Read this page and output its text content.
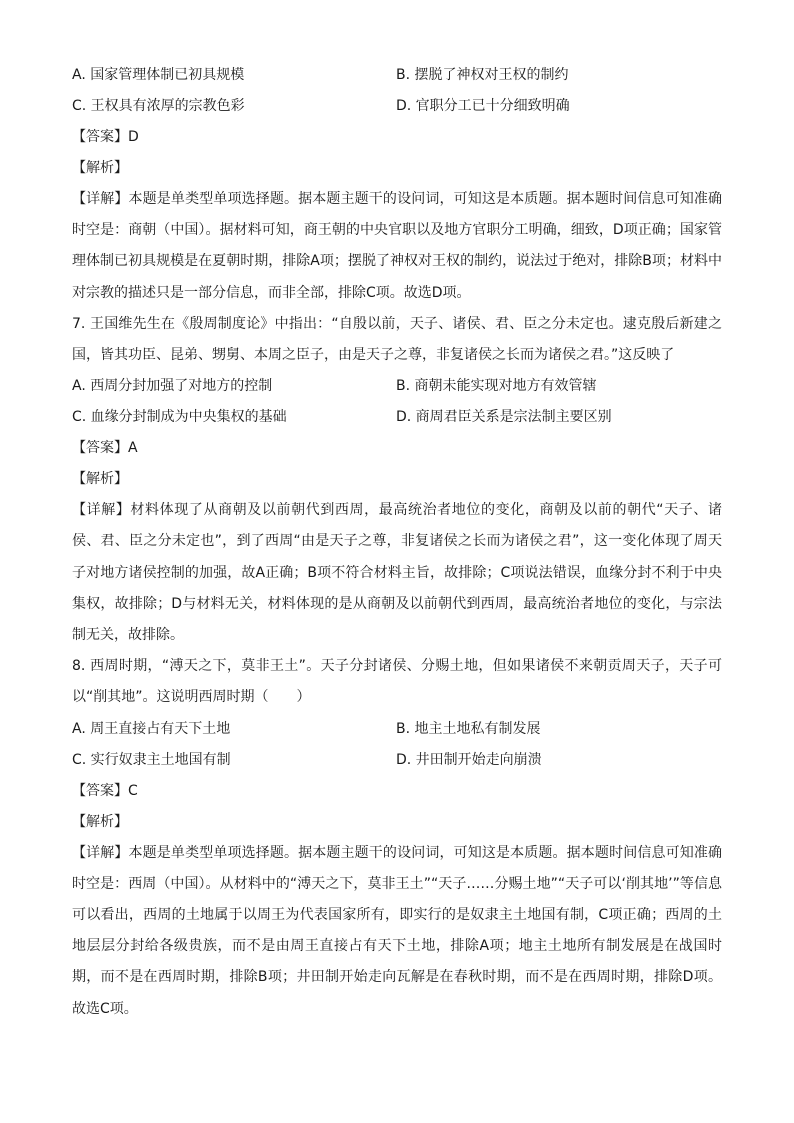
A. 国家管理体制已初具规模	B. 摆脱了神权对王权的制约
C. 王权具有浓厚的宗教色彩	D. 官职分工已十分细致明确
【答案】D
【解析】
【详解】本题是单类型单项选择题。据本题主题干的设问词，可知这是本质题。据本题时间信息可知准确时空是：商朝（中国）。据材料可知，商王朝的中央官职以及地方官职分工明确，细致，D项正确；国家管理体制已初具规模是在夏朝时期，排除A项；摆脱了神权对王权的制约，说法过于绝对，排除B项；材料中对宗教的描述只是一部分信息，而非全部，排除C项。故选D项。
7. 王国维先生在《殷周制度论》中指出：“自殷以前，天子、诸侯、君、臣之分未定也。逮克殷后新建之国，皆其功臣、昆弟、甥舅、本周之臣子，由是天子之尊，非复诸侯之长而为诸侯之君。”这反映了
A. 西周分封加强了对地方的控制	B. 商朝未能实现对地方有效管辖
C. 血缘分封制成为中央集权的基础	D. 商周君臣关系是宗法制主要区别
【答案】A
【解析】
【详解】材料体现了从商朝及以前朝代到西周，最高统治者地位的变化，商朝及以前的朝代“天子、诸侯、君、臣之分未定也”，到了西周“由是天子之尊，非复诸侯之长而为诸侯之君”，这一变化体现了周天子对地方诸侯控制的加强，故A正确；B项不符合材料主旨，故排除；C项说法错误，血缘分封不利于中央集权，故排除；D与材料无关，材料体现的是从商朝及以前朝代到西周，最高统治者地位的变化，与宗法制无关，故排除。
8. 西周时期，“溥天之下，莫非王土”。天子分封诸侯、分赐土地，但如果诸侯不来朝贡周天子，天子可以“削其地”。这说明西周时期（　　）
A. 周王直接占有天下土地	B. 地主土地私有制发展
C. 实行奴隶主土地国有制	D. 井田制开始走向崩溃
【答案】C
【解析】
【详解】本题是单类型单项选择题。据本题主题干的设问词，可知这是本质题。据本题时间信息可知准确时空是：西周（中国）。从材料中的“溥天之下，莫非王土”“天子……分赐土地”“天子可以‘削其地’”等信息可以看出，西周的土地属于以周王为代表国家所有，即实行的是奴隶主土地国有制，C项正确；西周的土地层层分封给各级贵族，而不是由周王直接占有天下土地，排除A项；地主土地所有制发展是在战国时期，而不是在西周时期，排除B项；井田制开始走向瓦解是在春秋时期，而不是在西周时期，排除D项。故选C项。
